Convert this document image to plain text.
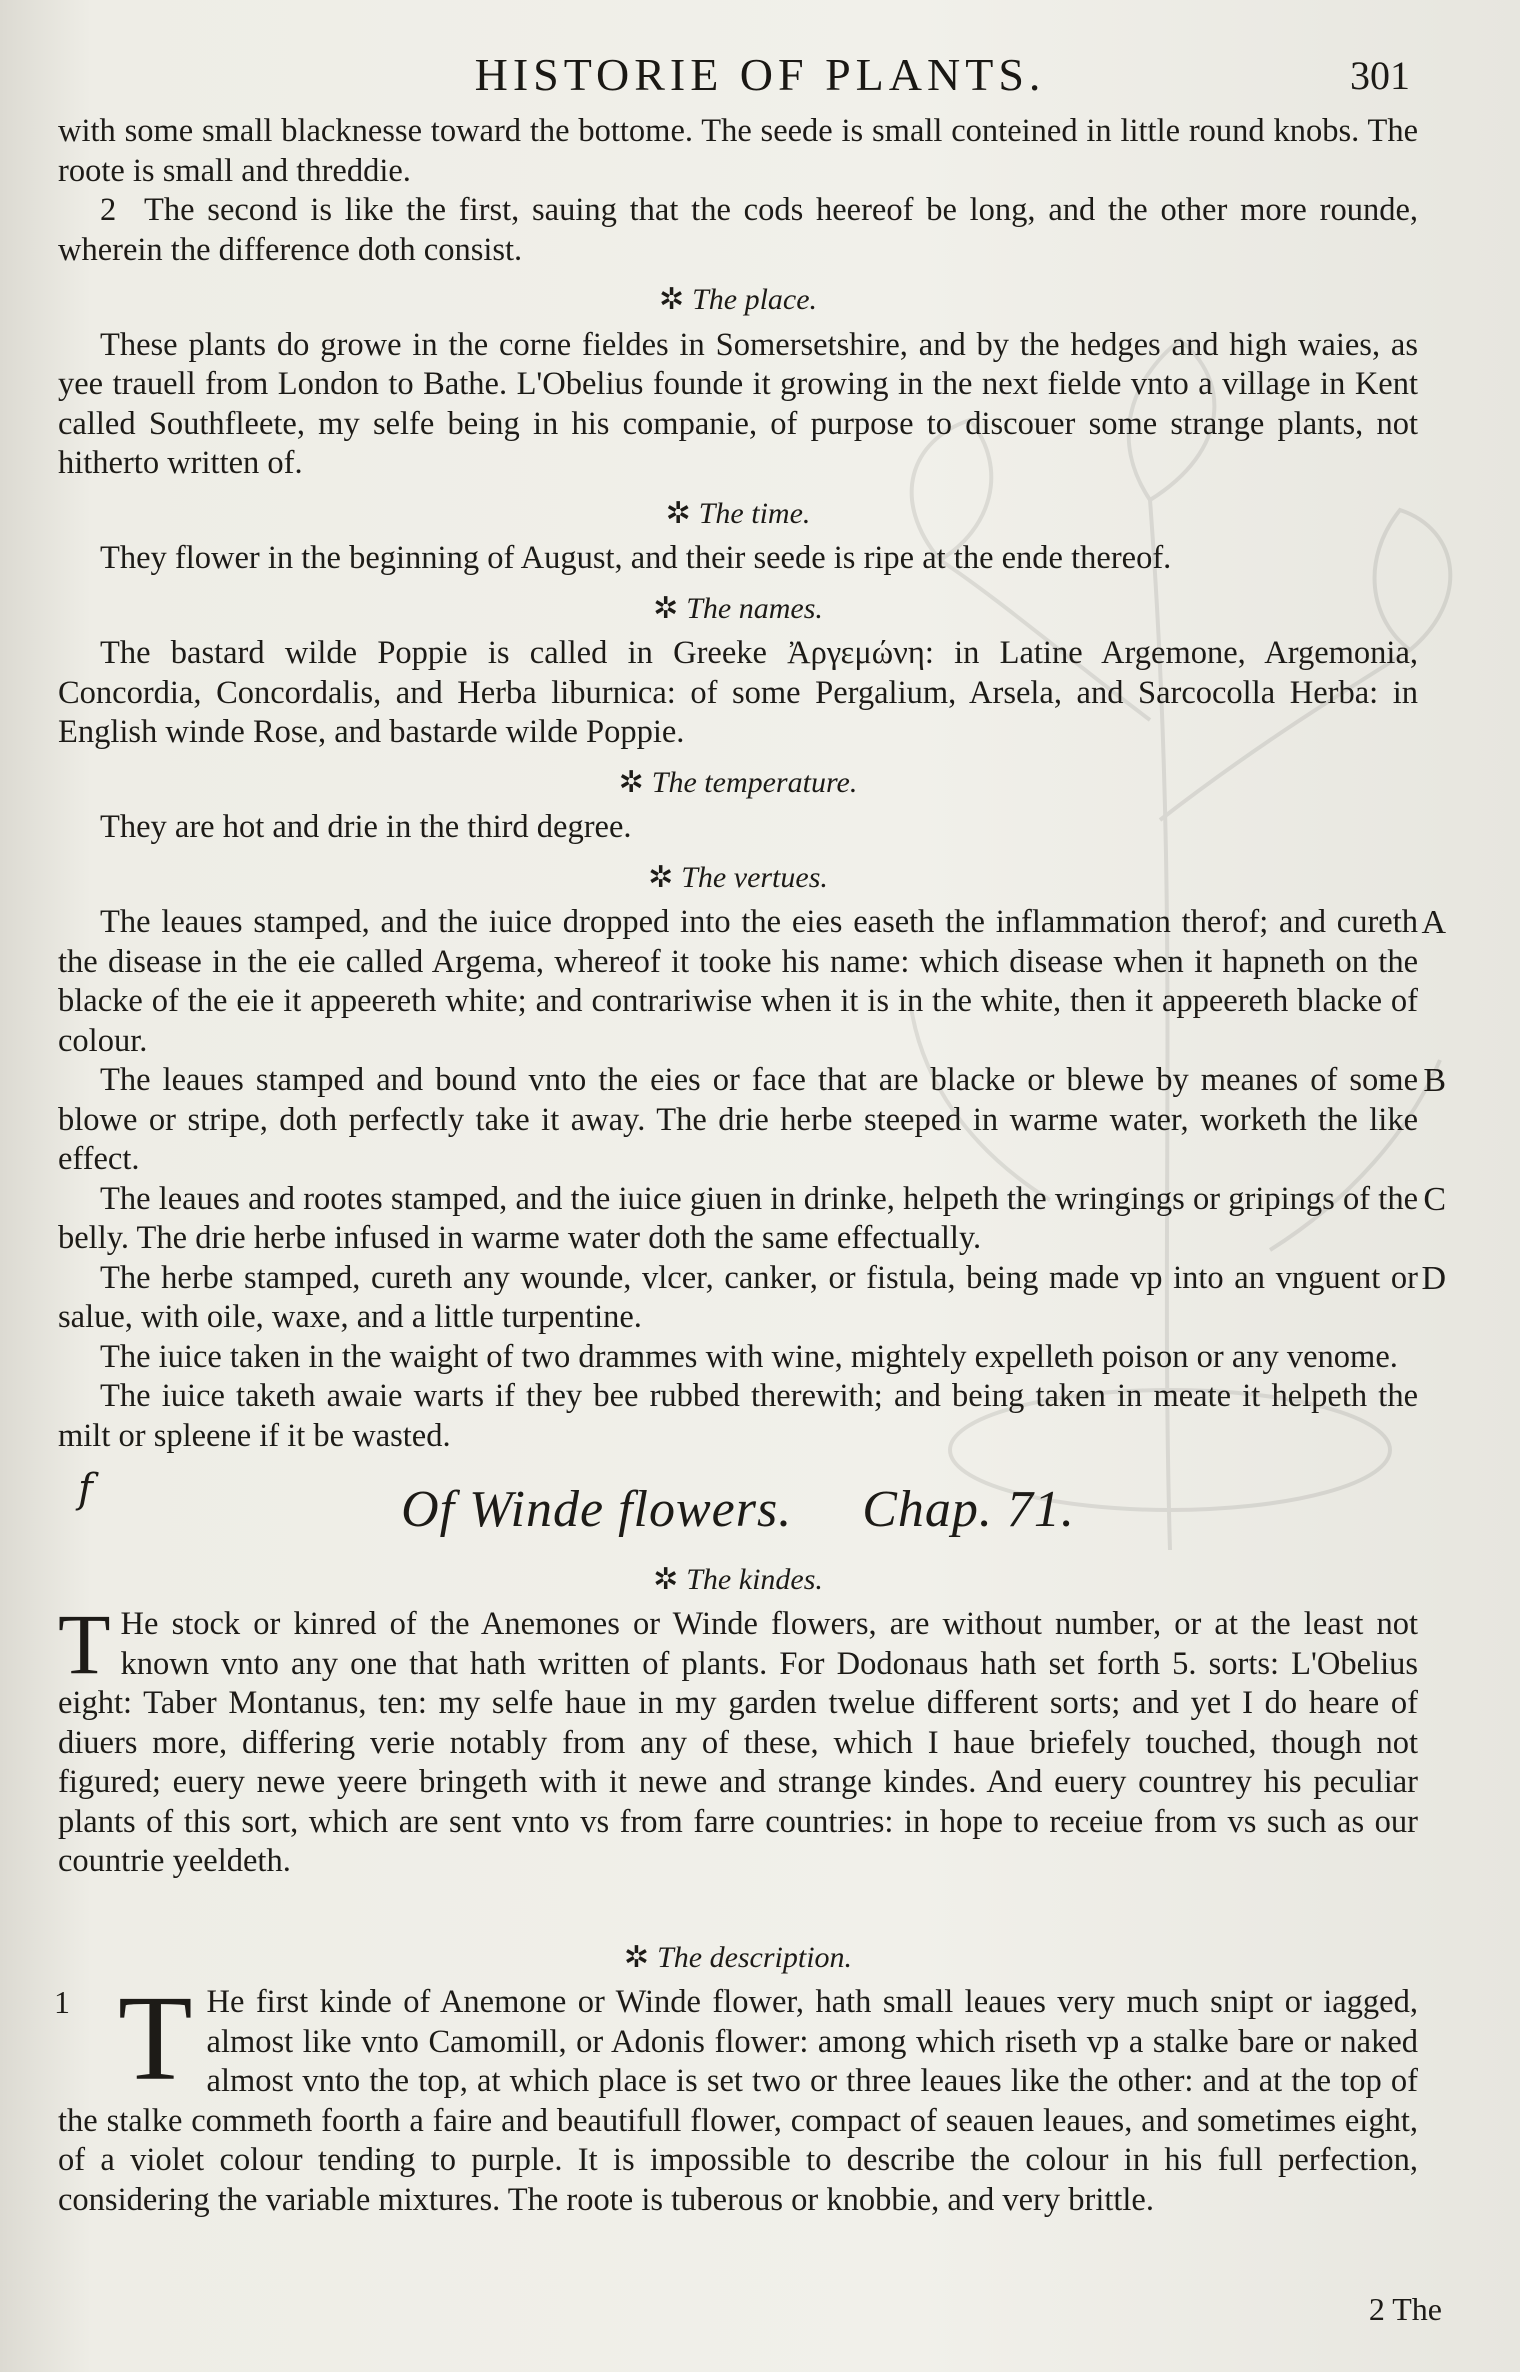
HISTORIE OF PLANTS.	301
f

with some small blacknesse toward the bottome. The seede is small conteined in little round knobs. The roote is small and threddie.

2 The second is like the first, sauing that the cods heereof be long, and the other more rounde, wherein the difference doth consist.

✲ The place.

These plants do growe in the corne fieldes in Somersetshire, and by the hedges and high waies, as yee trauell from London to Bathe. L'Obelius founde it growing in the next fielde vnto a village in Kent called Southfleete, my selfe being in his companie, of purpose to discouer some strange plants, not hitherto written of.

✲ The time.

They flower in the beginning of August, and their seede is ripe at the ende thereof.

✲ The names.

The bastard wilde Poppie is called in Greeke Ἀργεμώνη: in Latine Argemone, Argemonia, Concordia, Concordalis, and Herba liburnica: of some Pergalium, Arsela, and Sarcocolla Herba: in English winde Rose, and bastarde wilde Poppie.

✲ The temperature.

They are hot and drie in the third degree.

✲ The vertues.

The leaues stamped, and the iuice dropped into the eies easeth the inflammation therof; and cureth the disease in the eie called Argema, whereof it tooke his name: which disease when it hapneth on the blacke of the eie it appeereth white; and contrariwise when it is in the white, then it appeereth blacke of colour.
A

The leaues stamped and bound vnto the eies or face that are blacke or blewe by meanes of some blowe or stripe, doth perfectly take it away. The drie herbe steeped in warme water, worketh the like effect.
B

The leaues and rootes stamped, and the iuice giuen in drinke, helpeth the wringings or gripings of the belly. The drie herbe infused in warme water doth the same effectually.
C

The herbe stamped, cureth any wounde, vlcer, canker, or fistula, being made vp into an vnguent or salue, with oile, waxe, and a little turpentine.
D

The iuice taken in the waight of two drammes with wine, mightely expelleth poison or any venome.

The iuice taketh awaie warts if they bee rubbed therewith; and being taken in meate it helpeth the milt or spleene if it be wasted.

Of Winde flowers. Chap. 71.
✲ The kindes.

T He stock or kinred of the Anemones or Winde flowers, are without number, or at the least not known vnto any one that hath written of plants. For Dodonaus hath set forth 5. sorts: L'Obelius eight: Taber Montanus, ten: my selfe haue in my garden twelue different sorts; and yet I do heare of diuers more, differing verie notably from any of these, which I haue briefely touched, though not figured; euery newe yeere bringeth with it newe and strange kindes. And euery countrey his peculiar plants of this sort, which are sent vnto vs from farre countries: in hope to receiue from vs such as our countrie yeeldeth.

✲ The description.

1 T He first kinde of Anemone or Winde flower, hath small leaues very much snipt or iagged, almost like vnto Camomill, or Adonis flower: among which riseth vp a stalke bare or naked almost vnto the top, at which place is set two or three leaues like the other: and at the top of the stalke commeth foorth a faire and beautifull flower, compact of seauen leaues, and sometimes eight, of a violet colour tending to purple. It is impossible to describe the colour in his full perfection, considering the variable mixtures. The roote is tuberous or knobbie, and very brittle.

2 The
